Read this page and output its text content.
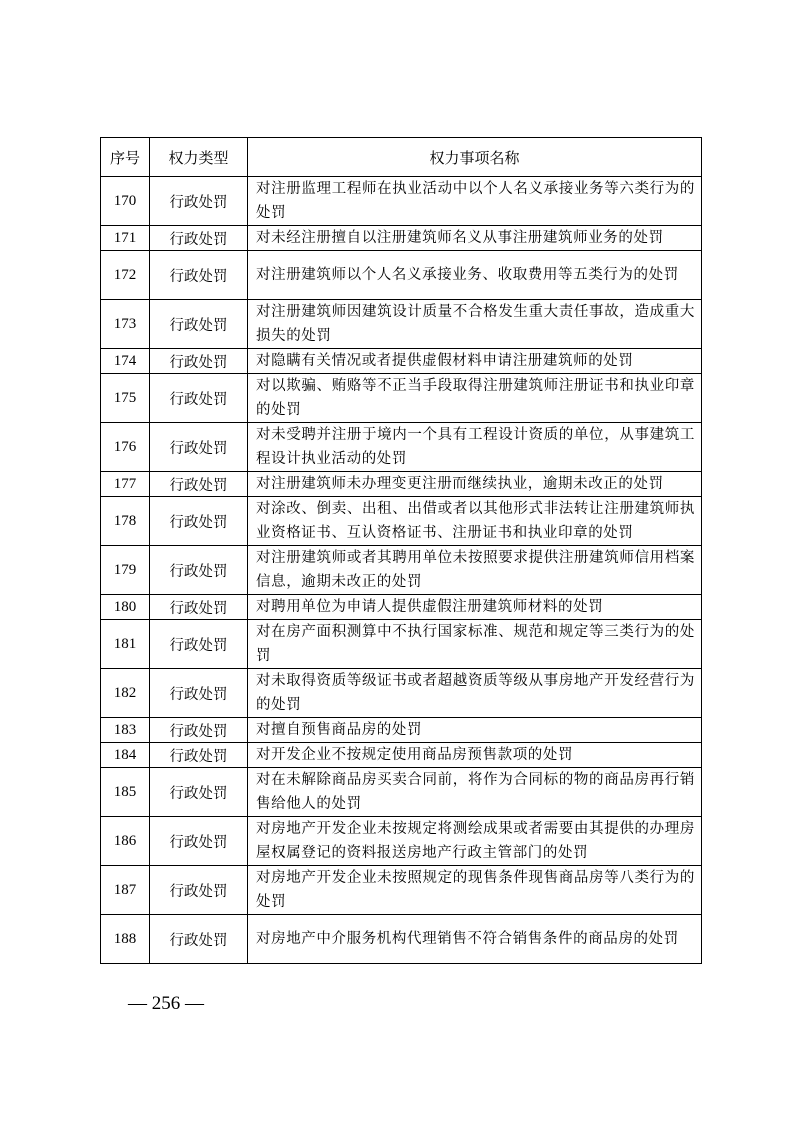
序号	权力类型	权力事项名称
170	行政处罚	对注册监理工程师在执业活动中以个人名义承接业务等六类行为的处罚
171	行政处罚	对未经注册擅自以注册建筑师名义从事注册建筑师业务的处罚
172	行政处罚	对注册建筑师以个人名义承接业务、收取费用等五类行为的处罚
173	行政处罚	对注册建筑师因建筑设计质量不合格发生重大责任事故，造成重大损失的处罚
174	行政处罚	对隐瞒有关情况或者提供虚假材料申请注册建筑师的处罚
175	行政处罚	对以欺骗、贿赂等不正当手段取得注册建筑师注册证书和执业印章的处罚
176	行政处罚	对未受聘并注册于境内一个具有工程设计资质的单位，从事建筑工程设计执业活动的处罚
177	行政处罚	对注册建筑师未办理变更注册而继续执业，逾期未改正的处罚
178	行政处罚	对涂改、倒卖、出租、出借或者以其他形式非法转让注册建筑师执业资格证书、互认资格证书、注册证书和执业印章的处罚
179	行政处罚	对注册建筑师或者其聘用单位未按照要求提供注册建筑师信用档案信息，逾期未改正的处罚
180	行政处罚	对聘用单位为申请人提供虚假注册建筑师材料的处罚
181	行政处罚	对在房产面积测算中不执行国家标准、规范和规定等三类行为的处罚
182	行政处罚	对未取得资质等级证书或者超越资质等级从事房地产开发经营行为的处罚
183	行政处罚	对擅自预售商品房的处罚
184	行政处罚	对开发企业不按规定使用商品房预售款项的处罚
185	行政处罚	对在未解除商品房买卖合同前，将作为合同标的物的商品房再行销售给他人的处罚
186	行政处罚	对房地产开发企业未按规定将测绘成果或者需要由其提供的办理房屋权属登记的资料报送房地产行政主管部门的处罚
187	行政处罚	对房地产开发企业未按照规定的现售条件现售商品房等八类行为的处罚
188	行政处罚	对房地产中介服务机构代理销售不符合销售条件的商品房的处罚
— 256 —
